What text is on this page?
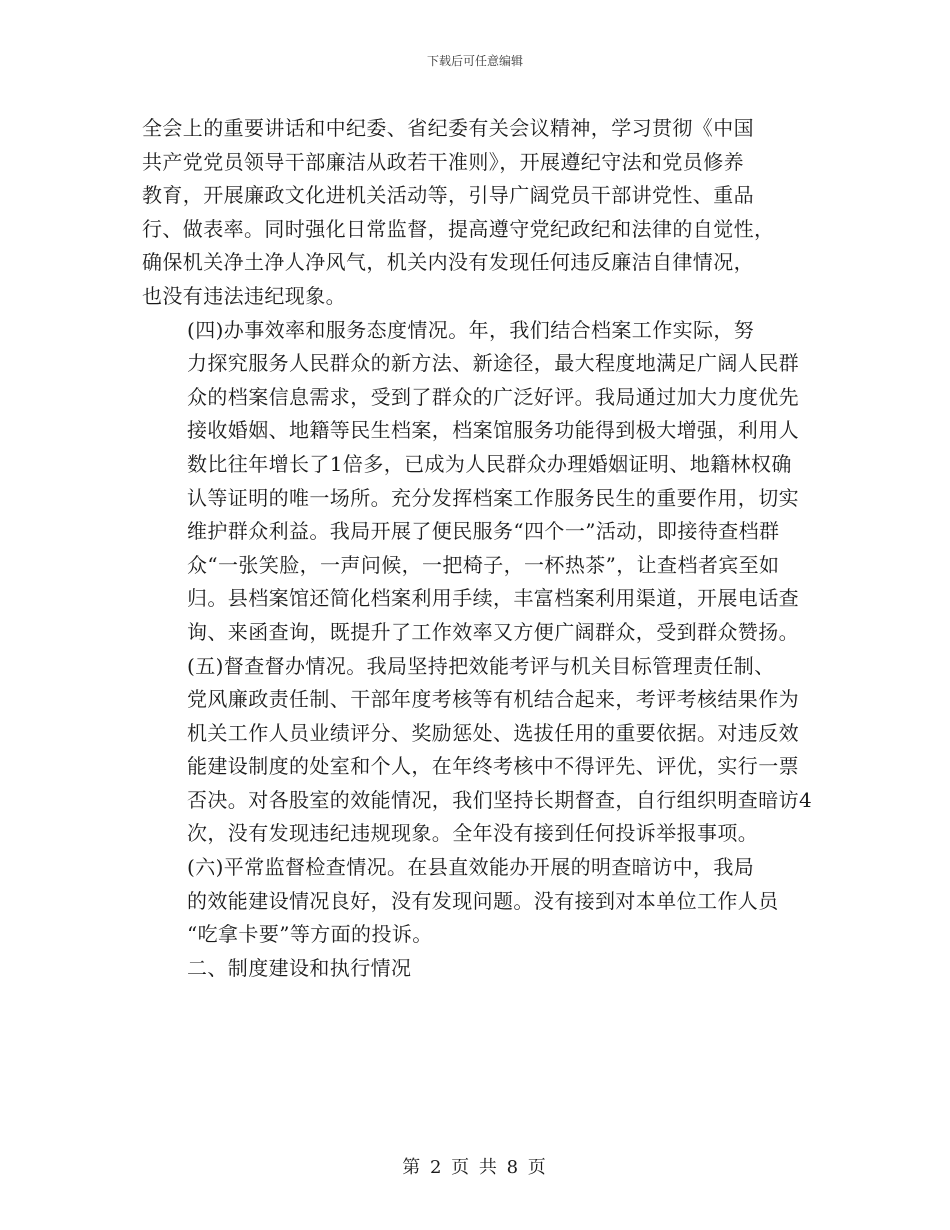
下载后可任意编辑

全会上的重要讲话和中纪委、省纪委有关会议精神，学习贯彻《中国
共产党党员领导干部廉洁从政若干准则》，开展遵纪守法和党员修养
教育，开展廉政文化进机关活动等，引导广阔党员干部讲党性、重品
行、做表率。同时强化日常监督，提高遵守党纪政纪和法律的自觉性，
确保机关净土净人净风气，机关内没有发现任何违反廉洁自律情况，
也没有违法违纪现象。

(四)办事效率和服务态度情况。年，我们结合档案工作实际，努
力探究服务人民群众的新方法、新途径，最大程度地满足广阔人民群
众的档案信息需求，受到了群众的广泛好评。我局通过加大力度优先
接收婚姻、地籍等民生档案，档案馆服务功能得到极大增强，利用人
数比往年增长了1倍多，已成为人民群众办理婚姻证明、地籍林权确
认等证明的唯一场所。充分发挥档案工作服务民生的重要作用，切实
维护群众利益。我局开展了便民服务“四个一”活动，即接待查档群
众“一张笑脸，一声问候，一把椅子，一杯热茶”，让查档者宾至如
归。县档案馆还简化档案利用手续，丰富档案利用渠道，开展电话查
询、来函查询，既提升了工作效率又方便广阔群众，受到群众赞扬。

(五)督查督办情况。我局坚持把效能考评与机关目标管理责任制、
党风廉政责任制、干部年度考核等有机结合起来，考评考核结果作为
机关工作人员业绩评分、奖励惩处、选拔任用的重要依据。对违反效
能建设制度的处室和个人，在年终考核中不得评先、评优，实行一票
否决。对各股室的效能情况，我们坚持长期督查，自行组织明查暗访4
次，没有发现违纪违规现象。全年没有接到任何投诉举报事项。

(六)平常监督检查情况。在县直效能办开展的明查暗访中，我局
的效能建设情况良好，没有发现问题。没有接到对本单位工作人员
“吃拿卡要”等方面的投诉。

二、制度建设和执行情况

第 2 页 共 8 页
